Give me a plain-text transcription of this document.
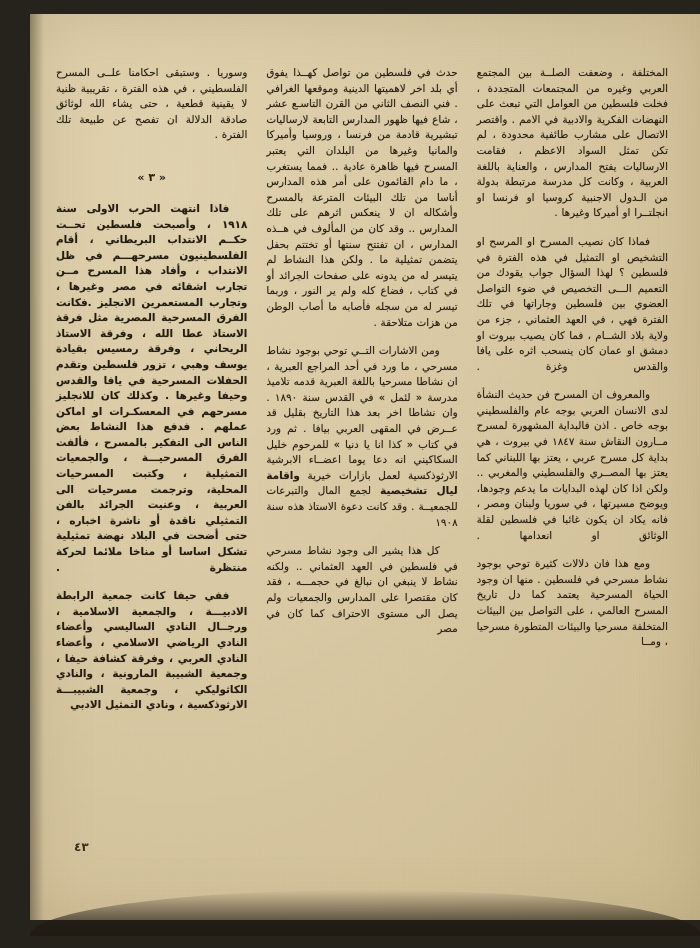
المختلفة ، وضعفت الصلــة بين المجتمع العربي وغيره من المجتمعات المتجددة ، فخلت فلسطين من العوامل التي تبعث على النهضات الفكرية والادبية في الامم . واقتصر الاتصال على مشارب طائفية محدودة ، لم تكن تمثل السواد الاعظم ، فقامت الارساليات يفتح المدارس ، والعناية باللغة العربية ، وكانت كل مدرسة مرتبطة بدولة من الـدول الاجنبية كروسيا او فرنسا او انجلتــرا او أميركا وغيرها .

فماذا كان نصيب المسرح او المرسح او التشخيص او التمثيل في هذه الفترة في فلسطين ؟ لهذا السؤال جواب يقودك من التعميم الـــى التخصيص في ضوء التواصل العضوي بين فلسطين وجاراتها في تلك الفترة فهي ، في العهد العثماني ، جزء من ولاية بلاد الشــام ، فما كان يصيب بيروت او دمشق او عمان كان ينسحب اثره على يافا والقدس وغزة .

والمعروف ان المسرح فن حديث النشأة لدى الانسان العربي بوجه عام والفلسطيني بوجه خاص . اذن فالبداية المشهورة لمسرح مــارون النقاش سنة ١٨٤٧ في بيروت ، هي بداية كل مسرح عربي ، يعتز بها اللبناني كما يعتز بها المصــري والفلسطيني والمغربي .. ولكن اذا كان لهذه البدايات ما يدعم وجودها، ويوضح مسيرتها ، في سوريا ولبنان ومصر ، فانه يكاد ان يكون غائبا في فلسطين لقلة الوثائق او انعدامها .

ومع هذا فان دلالات كثيرة توحي بوجود نشاط مسرحي في فلسطين . منها ان وجود الحياة المسرحية يعتمد كما دل تاريخ المسرح العالمي ، على التواصل بين البيئات المتخلفة مسرحيا والبيئات المتطورة مسرحيا ، ومــا

حدث في فلسطين من تواصل كهــذا يفوق أي بلد اخر لاهميتها الدينية وموقعها الغرافي . فني النصف الثاني من القرن التاسـع عشر ، شاع فيها ظهور المدارس التابعة لارساليات تبشيرية قادمة من فرنسا ، وروسيا وأميركا والمانيا وغيرها من البلدان التي يعتبر المسرح فيها ظاهرة عادية .. فمما يستغرب ، ما دام القائمون على أمر هذه المدارس أناسا من تلك البيئات المترعة بالمسرح وأشكاله ان لا ينعكس اثرهم على تلك المدارس .. وقد كان من المألوف في هــذه المدارس ، ان تفتتح سنتها أو تختتم بحفل يتضمن تمثيلية ما . ولكن هذا النشاط لم يتيسر له من يدونه على صفحات الجرائد أو في كتاب ، فضاع كله ولم ير النور ، وربما تيسر له من سجله فأصابه ما أصاب الوطن من هزات متلاحقة .

ومن الاشارات التــي توحي بوجود نشاط مسرحي ، ما ورد في أحد المراجع العبرية ، ان نشاطا مسرحيا باللغة العبرية قدمه تلاميذ مدرسة « لئمل » في القدس سنة ١٨٩٠ . وان نشاطا اخر بعد هذا التاريخ بقليل قد عــرض في المقهى العربي بيافا . ثم ورد في كتاب « كذا انا يا دنيا » للمرحوم خليل السكاكيني انه دعا يوما اعضــاء الابرشية الارثوذكسية لعمل بازارات خيرية واقامة ليال تشخيصية لجمع المال والتبرعات للجمعيــة . وقد كانت دعوة الاستاذ هذه سنة ١٩٠٨

كل هذا يشير الى وجود نشاط مسرحي في فلسطين في العهد العثماني .. ولكنه نشاط لا ينبغي ان نبالغ في حجمـــه ، فقد كان مقتصرا على المدارس والجمعيات ولم يصل الى مستوى الاحتراف كما كان في مصر

وسوريا . وستبقى احكامنا علــى المسرح الفلسطيني ، في هذه الفترة ، تقريبية ظنية لا يقينية قطعية ، حتى يشاء الله لوثائق صادقة الدلالة ان تفصح عن طبيعة تلك الفترة .

« ٣ »

فاذا انتهت الحرب الاولى سنة ١٩١٨ ، وأصبحت فلسطين تحــت حكــم الانتداب البريطاني ، أقام الفلسطينيون مسرحهـــم في ظل الانتداب ، وأفاد هذا المسرح مــن تجارب اشقائه في مصر وغيرها ، وتجارب المستعمرين الانجليز .فكانت الفرق المسرحية المصرية مثل فرقة الاستاذ عطا الله ، وفرقة الاستاذ الريحاني ، وفرقة رمسيس بقيادة يوسف وهبي ، تزور فلسطين وتقدم الحفلات المسرحية في يافا والقدس وحيفا وغيرها . وكذلك كان للانجليز مسرحهم في المعسكـرات او اماكن عملهم . فدفع هذا النشاط بعض الناس الى التفكير بالمسرح ، فألفت الفرق المسرحيـــة ، والجمعيات التمثيلية ، وكتبت المسرحيات المحلية، وترجمت مسرحيات الى العربية ، وعنيت الجرائد بالفن التمثيلي ناقدة أو ناشرة اخباره ، حتى أضحت في البلاد نهضة تمثيلية تشكل اساسا أو مناخا ملائما لحركة منتظرة .

ففي حيفا كانت جمعية الرابطة الادبيـــة ، والجمعية الاسلامية ، ورجــال النادي الساليسي وأعضاء النادي الرياضي الاسلامي ، وأعضاء النادي العربي ، وفرقة كشافة حيفا ، وجمعية الشبيبة المارونية ، والنادي الكاثوليكي ، وجمعية الشبيبـــة الارثوذكسية ، ونادي التمثيل الادبي

٤٣
